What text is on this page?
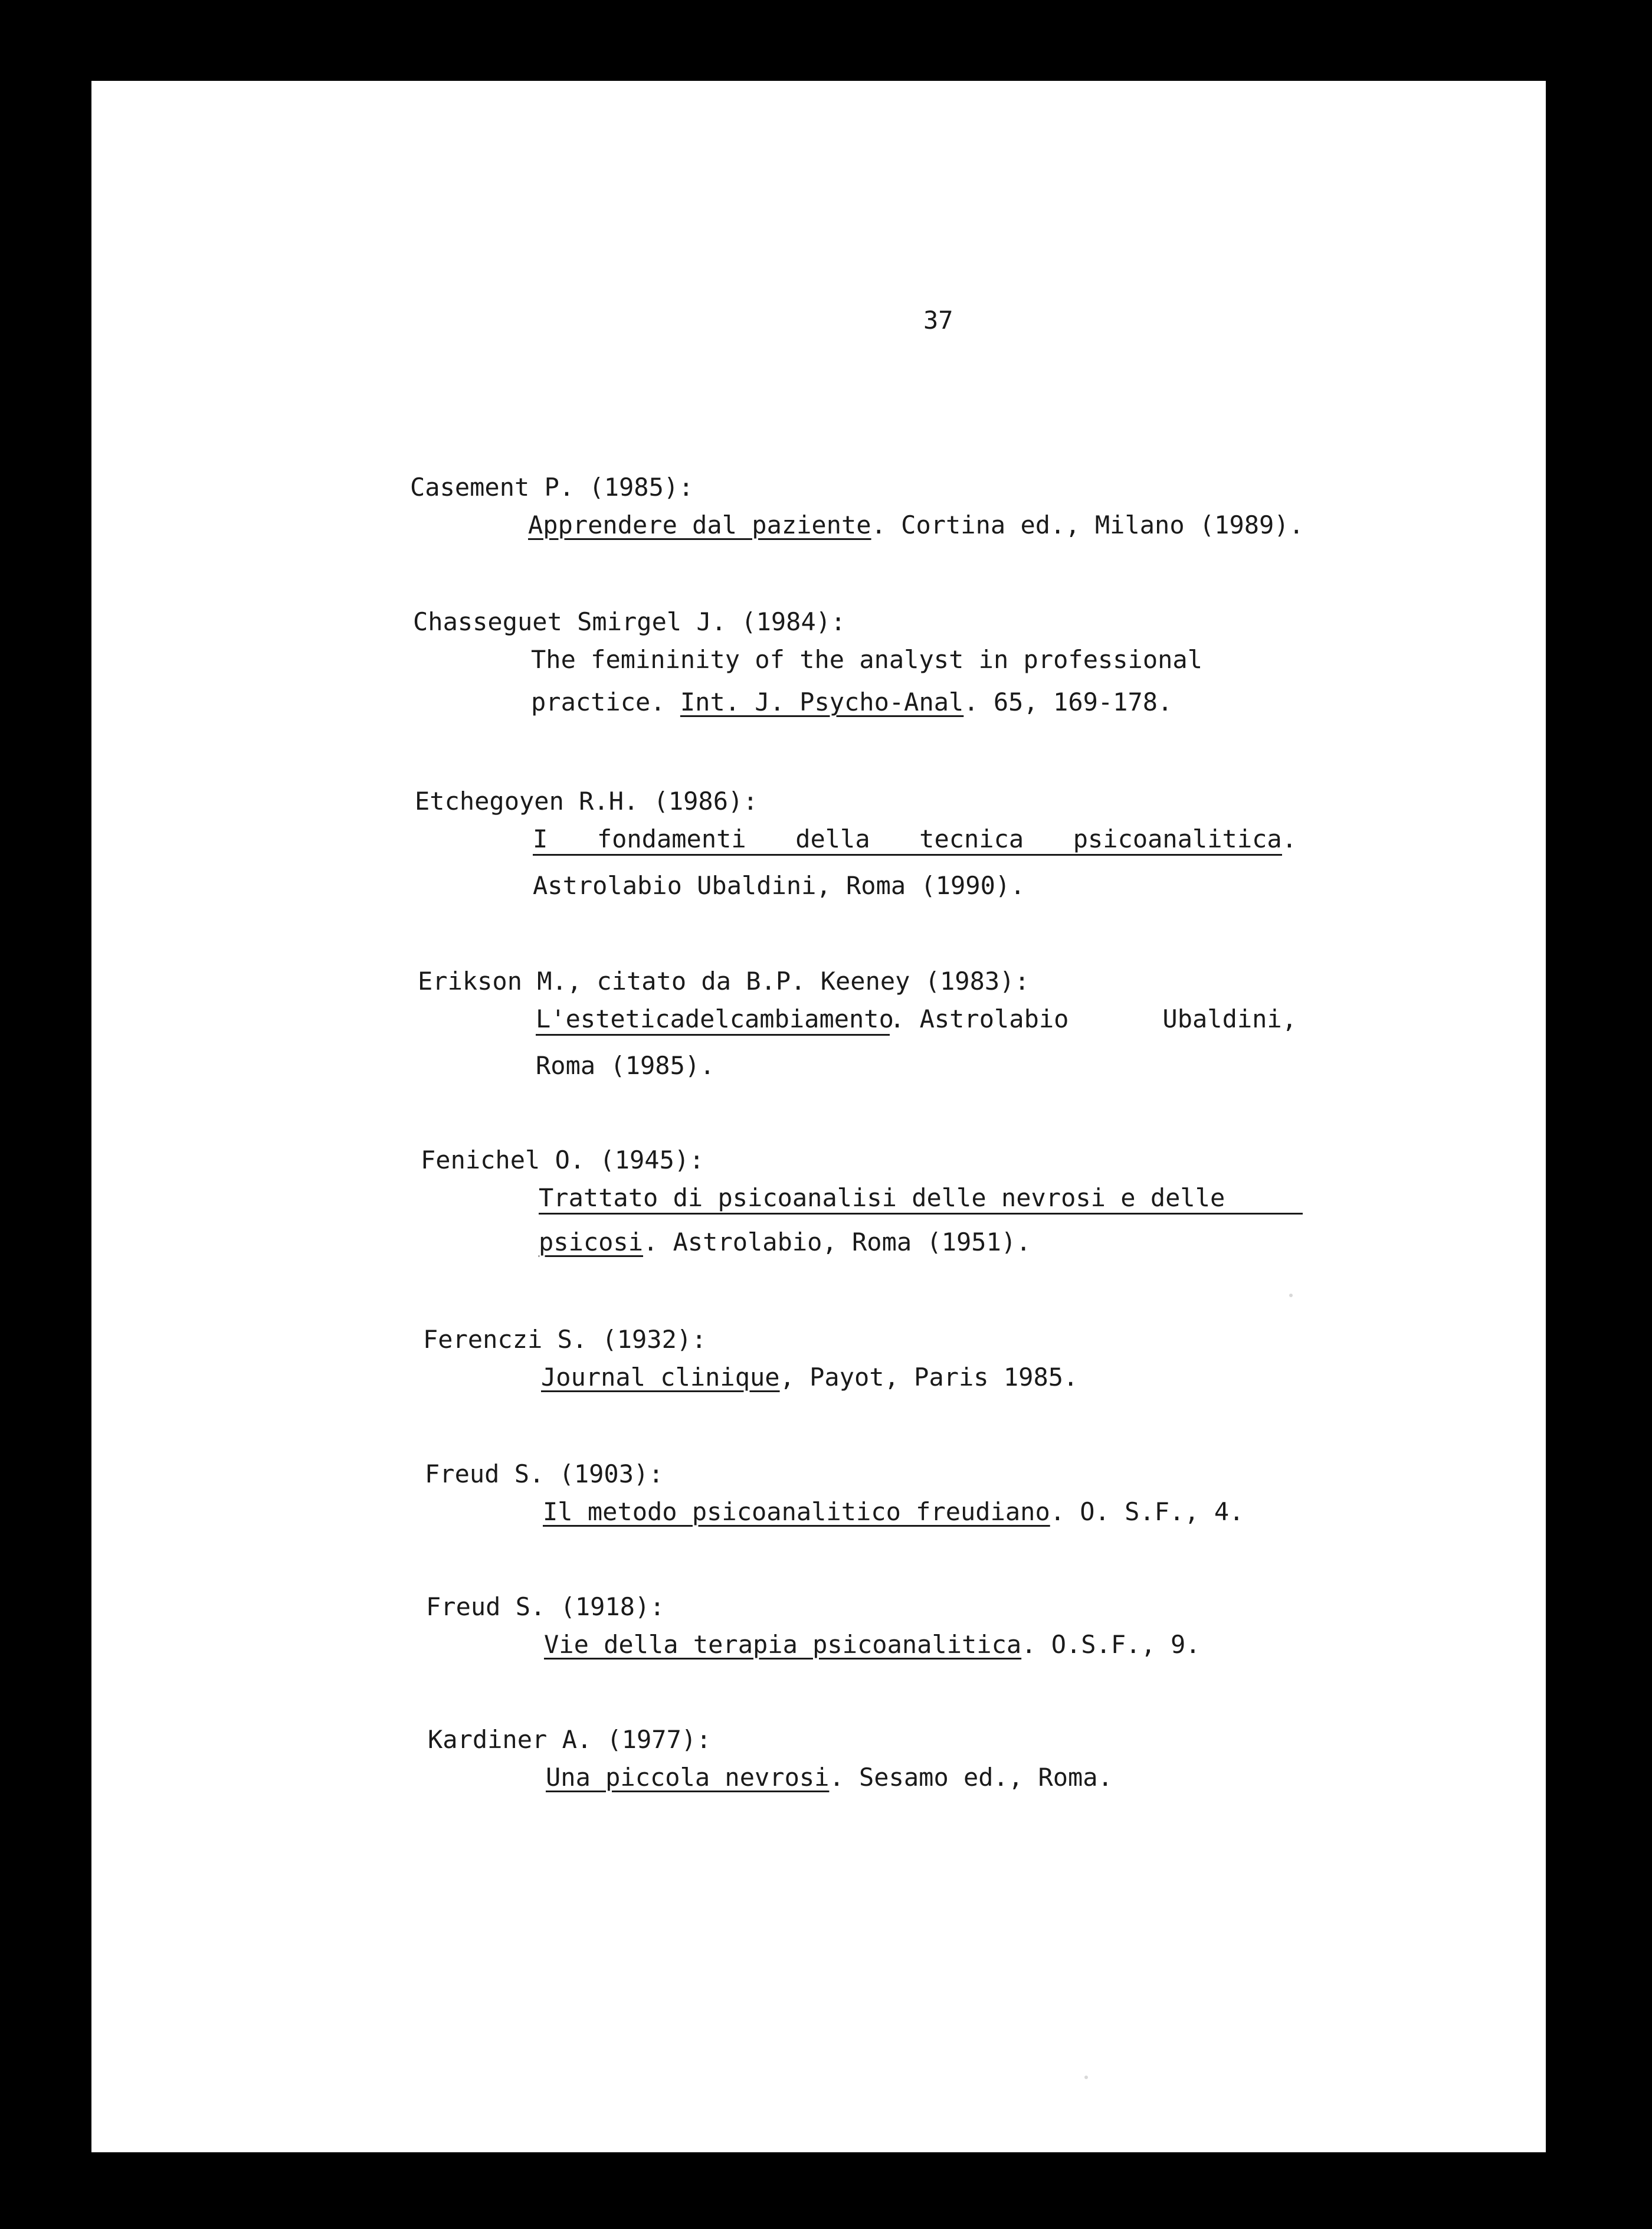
37
Casement P. (1985):
Apprendere dal paziente. Cortina ed., Milano (1989).
Chasseguet Smirgel J. (1984):
The femininity of the analyst in professional
practice. Int. J. Psycho-Anal. 65, 169-178.
Etchegoyen R.H. (1986):
I fondamenti della tecnica psicoanalitica .
Astrolabio Ubaldini, Roma (1990).
Erikson M., citato da B.P. Keeney (1983):
L'estetica del cambiamento
. Astrolabio	Ubaldini,
Roma (1985).
Fenichel O. (1945):
Trattato di psicoanalisi delle nevrosi e delle
psicosi. Astrolabio, Roma (1951).
Ferenczi S. (1932):
Journal clinique, Payot, Paris 1985.
Freud S. (1903):
Il metodo psicoanalitico freudiano. O. S.F., 4.
Freud S. (1918):
Vie della terapia psicoanalitica. O.S.F., 9.
Kardiner A. (1977):
Una piccola nevrosi. Sesamo ed., Roma.
